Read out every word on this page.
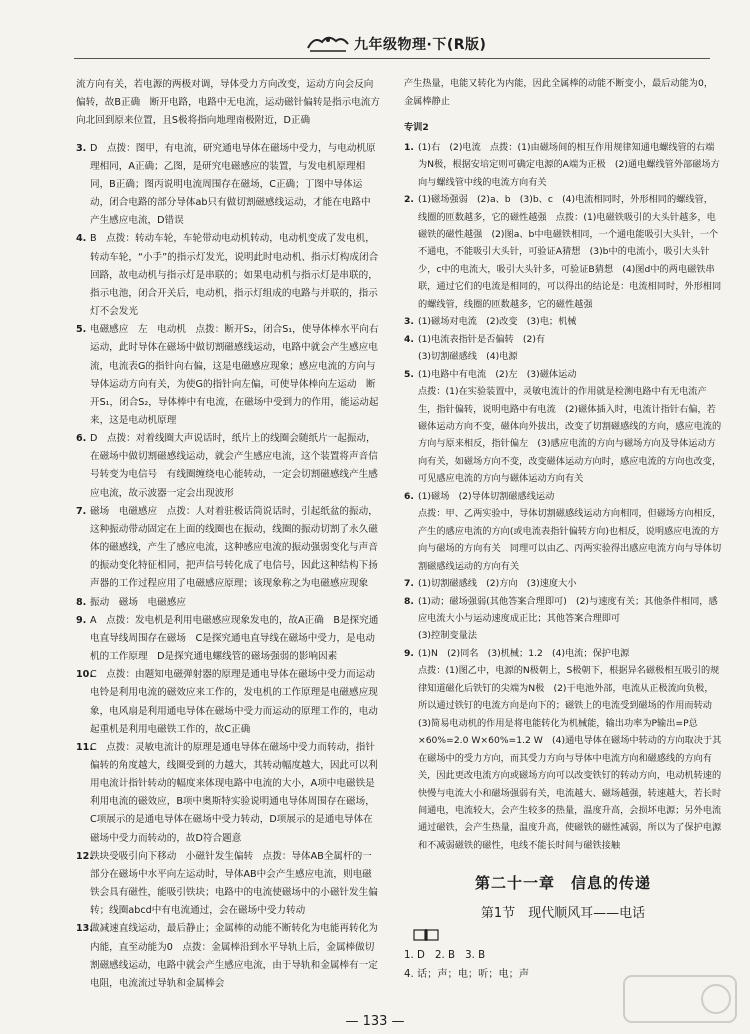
九年级物理·下(R版)

流方向有关，若电源的两极对调，导体受力方向改变，运动方向会反向偏转，故B正确　断开电路，电路中无电流，运动磁针偏转是指示电流方向北回到原来位置，且S极将指向地理南极附近，D正确

3. D　点拨：图甲，有电流，研究通电导体在磁场中受力，与电动机原理相同，A正确；乙图，是研究电磁感应的装置，与发电机原理相同，B正确；图丙说明电流周围存在磁场，C正确；丁图中导体运动，闭合电路的部分导体ab只有做切割磁感线运动，才能在电路中产生感应电流，D错误
4. B　点拨：转动车轮，车轮带动电动机转动，电动机变成了发电机，转动车轮，“小手”的指示灯发光，说明此时电动机、指示灯构成闭合回路，故电动机与指示灯是串联的；如果电动机与指示灯是串联的，指示电池，闭合开关后，电动机，指示灯组成的电路与并联的，指示灯不会发光
5. 电磁感应　左　电动机　点拨：断开S₂，闭合S₁，使导体棒水平向右运动，此时导体在磁场中做切割磁感线运动，电路中就会产生感应电流，电流表G的指针向右偏，这是电磁感应现象；感应电流的方向与导体运动方向有关，为使G的指针向左偏，可使导体棒向左运动　断开S₁，闭合S₂，导体棒中有电流，在磁场中受到力的作用，能运动起来，这是电动机原理
6. D　点拨：对着线圈大声说话时，纸片上的线圈会随纸片一起振动，在磁场中做切割磁感线运动，就会产生感应电流，这个装置将声音信号转变为电信号　有线圈缠绕电心能转动，一定会切割磁感线产生感应电流，故示波器一定会出现波形
7. 磁场　电磁感应　点拨：人对着驻极话筒说话时，引起纸盆的振动，这种振动带动固定在上面的线圈也在振动，线圈的振动切割了永久磁体的磁感线，产生了感应电流，这种感应电流的振动强弱变化与声音的振动变化特征相同，把声信号转化成了电信号，因此这种结构下扬声器的工作过程应用了电磁感应原理；该现象称之为电磁感应现象
8. 振动　磁场　电磁感应
9. A　点拨：发电机是利用电磁感应现象发电的，故A正确　B是探究通电直导线周围存在磁场　C是探究通电直导线在磁场中受力，是电动机的工作原理　D是探究通电螺线管的磁场强弱的影响因素
10.
C　点拨：由题知电磁弹射器的原理是通电导体在磁场中受力而运动　电铃是利用电流的磁效应来工作的，发电机的工作原理是电磁感应现象，电风扇是利用通电导体在磁场中受力而运动的原理工作的，电动起重机是利用电磁铁工作的，故C正确
11.
C　点拨：灵敏电流计的原理是通电导体在磁场中受力而转动，指针偏转的角度越大，线圈受到的力越大，其转动幅度越大，因此可以利用电流计指针转动的幅度来体现电路中电流的大小，A项中电磁铁是利用电流的磁效应，B项中奥斯特实验说明通电导体周围存在磁场，C项展示的是通电导体在磁场中受力转动，D项展示的是通电导体在磁场中受力而转动的，故D符合题意
12.
铁块受吸引向下移动　小磁针发生偏转　点拨：导体AB全属杆的一部分在磁场中水平向左运动时，导体AB中会产生感应电流，则电磁铁会具有磁性，能吸引铁块；电路中的电流使磁场中的小磁针发生偏转；线圈abcd中有电流通过，会在磁场中受力转动
13.
做减速直线运动，最后静止；金属棒的动能不断转化为电能再转化为内能，直至动能为0　点拨：金属棒沿到水平导轨上后，金属棒做切割磁感线运动，电路中就会产生感应电流，由于导轨和金属棒有一定电阻，电流流过导轨和金属棒会

产生热量，电能又转化为内能，因此全属棒的动能不断变小，最后动能为0，金属棒静止

专训2
1. (1)右　(2)电流　点拨：(1)由磁场间的相互作用规律知通电螺线管的右端为N极，根据安培定则可确定电源的A端为正极　(2)通电螺线管外部磁场方向与螺线管中线的电流方向有关
2. (1)磁场强弱　(2)a、b　(3)b、c　(4)电流相同时，外形相同的螺线管，线圈的匝数越多，它的磁性越强　点拨：(1)电磁铁吸引的大头针越多，电磁铁的磁性越强　(2)图a、b中电磁铁相同，一个通电能吸引大头针，一个不通电，不能吸引大头针，可验证A猜想　(3)b中的电流小，吸引大头针少，c中的电流大，吸引大头针多，可验证B猜想　(4)图d中的两电磁铁串联，通过它们的电流是相同的，可以得出的结论是：电流相同时，外形相同的螺线管，线圈的匝数越多，它的磁性越强
3. (1)磁场对电流　(2)改变　(3)电；机械
4. (1)电流表指针是否偏转　(2)有
(3)切割磁感线　(4)电源
5. (1)电路中有电流　(2)左　(3)磁体运动
点拨：(1)在实验装置中，灵敏电流计的作用就是检测电路中有无电流产生，指针偏转，说明电路中有电流　(2)磁体插入时，电流计指针右偏，若磁体运动方向不变，磁体向外拔出，改变了切割磁感线的方向，感应电流的方向与原来相反，指针偏左　(3)感应电流的方向与磁场方向及导体运动方向有关，如磁场方向不变，改变磁体运动方向时，感应电流的方向也改变，可见感应电流的方向与磁体运动方向有关
6. (1)磁场　(2)导体切割磁感线运动
点拨：甲、乙两实验中，导体切割磁感线运动方向相同，但磁场方向相反，产生的感应电流的方向(或电流表指针偏转方向)也相反，说明感应电流的方向与磁场的方向有关　同理可以由乙、丙两实验得出感应电流方向与导体切割磁感线运动的方向有关
7. (1)切割磁感线　(2)方向　(3)速度大小
8. (1)动；磁场强弱(其他答案合理即可)　(2)与速度有关；其他条件相同，感应电流大小与运动速度成正比；其他答案合理即可
(3)控制变量法
9. (1)N　(2)同名　(3)机械；1.2　(4)电流；保护电源
点拨：(1)图乙中，电源的N极朝上，S极朝下，根据异名磁极相互吸引的规律知道磁化后铁钉的尖端为N极　(2)干电池外部，电流从正极流向负极，所以通过铁钉的电流方向是向下的；磁铁上的电流受到磁场的作用而转动　(3)简易电动机的作用是将电能转化为机械能，输出功率为P输出=P总×60%=2.0 W×60%=1.2 W　(4)通电导体在磁场中转动的方向取决于其在磁场中的受力方向，而其受力方向与导体中电流方向和磁感线的方向有关，因此更改电流方向或磁场方向可以改变铁钉的转动方向，电动机转速的快慢与电流大小和磁场强弱有关，电流越大、磁场越强，转速越大，若长时间通电，电流较大，会产生较多的热量，温度升高，会损坏电源；另外电流通过磁铁，会产生热量，温度升高，使磁铁的磁性减弱，所以为了保护电源和不减弱磁铁的磁性，电线不能长时间与磁铁接触
第二十一章　信息的传递
第1节　现代顺风耳——电话
1. D　2. B　3. B
4. 话；声；电；听；电；声
— 133 —
